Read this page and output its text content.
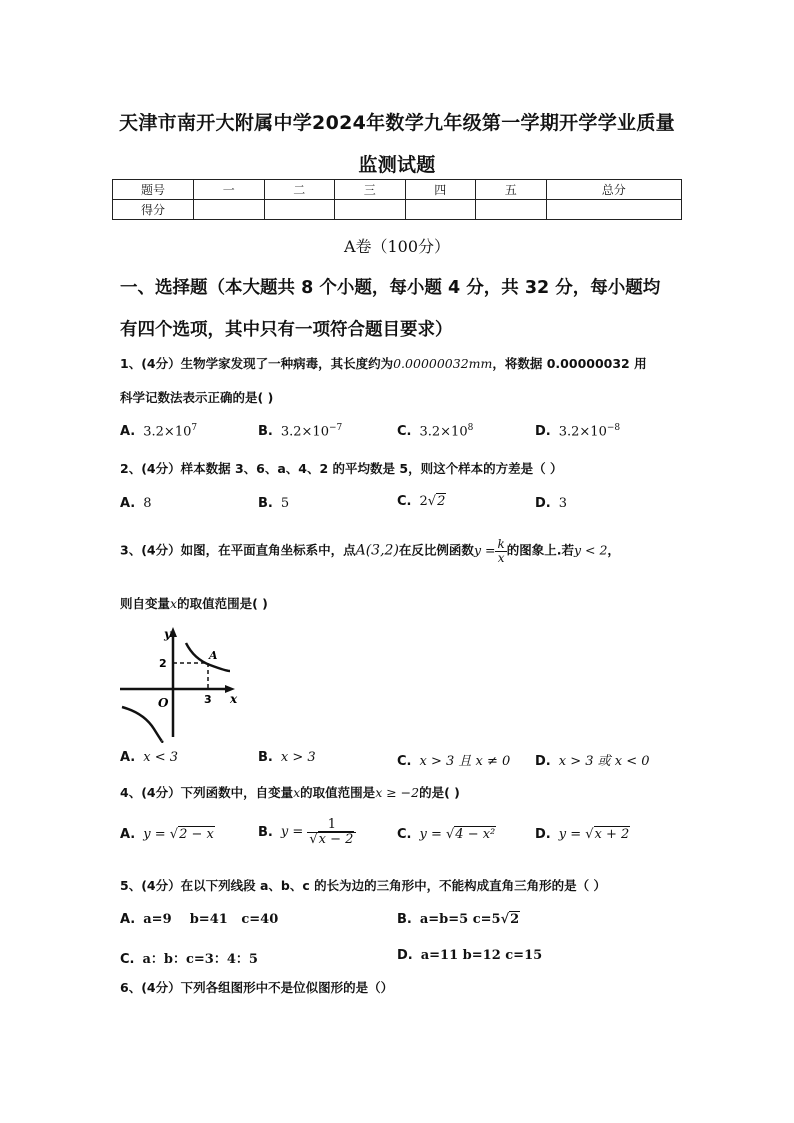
天津市南开大附属中学2024年数学九年级第一学期开学学业质量
监测试题
题号	一	二	三	四	五	总分
得分						
A卷（100分）
一、选择题（本大题共 8 个小题，每小题 4 分，共 32 分，每小题均
有四个选项，其中只有一项符合题目要求）
1、(4分）生物学家发现了一种病毒，其长度约为0.00000032mm，将数据 0.00000032 用
科学记数法表示正确的是( )
A. $3.2\times 10^7$	B. $3.2\times 10^{-7}$	C. $3.2\times 10^8$	D. $3.2\times 10^{-8}$
2、(4分）样本数据 3、6、a、4、2 的平均数是 5，则这个样本的方差是（ ）
A. 8	B. 5	C. 2√2	D. 3
3、(4分）如图，在平面直角坐标系中，点A(3,2)在反比例函数$y = \frac{k}{x}$ 的图象上.若y < 2，
则自变量x的取值范围是( )
y
x
O
2
3
A
A. x < 3	B. x > 3	C. x > 3 且 x ≠ 0 D. x > 3 或 x < 0
4、(4分）下列函数中，自变量x的取值范围是x ≥ −2的是( )
A. y = √2 − x	B. $y = \frac{1}{√x - 2}$	C. y = √4 − x²	D. y = √x + 2
5、(4分）在以下列线段 a、b、c 的长为边的三角形中，不能构成直角三角形的是（ ）
A. a=9    b=41   c=40	B. a=b=5 c=5√2
C. a：b：c=3：4：5	D. a=11 b=12 c=15
6、(4分）下列各组图形中不是位似图形的是（）
